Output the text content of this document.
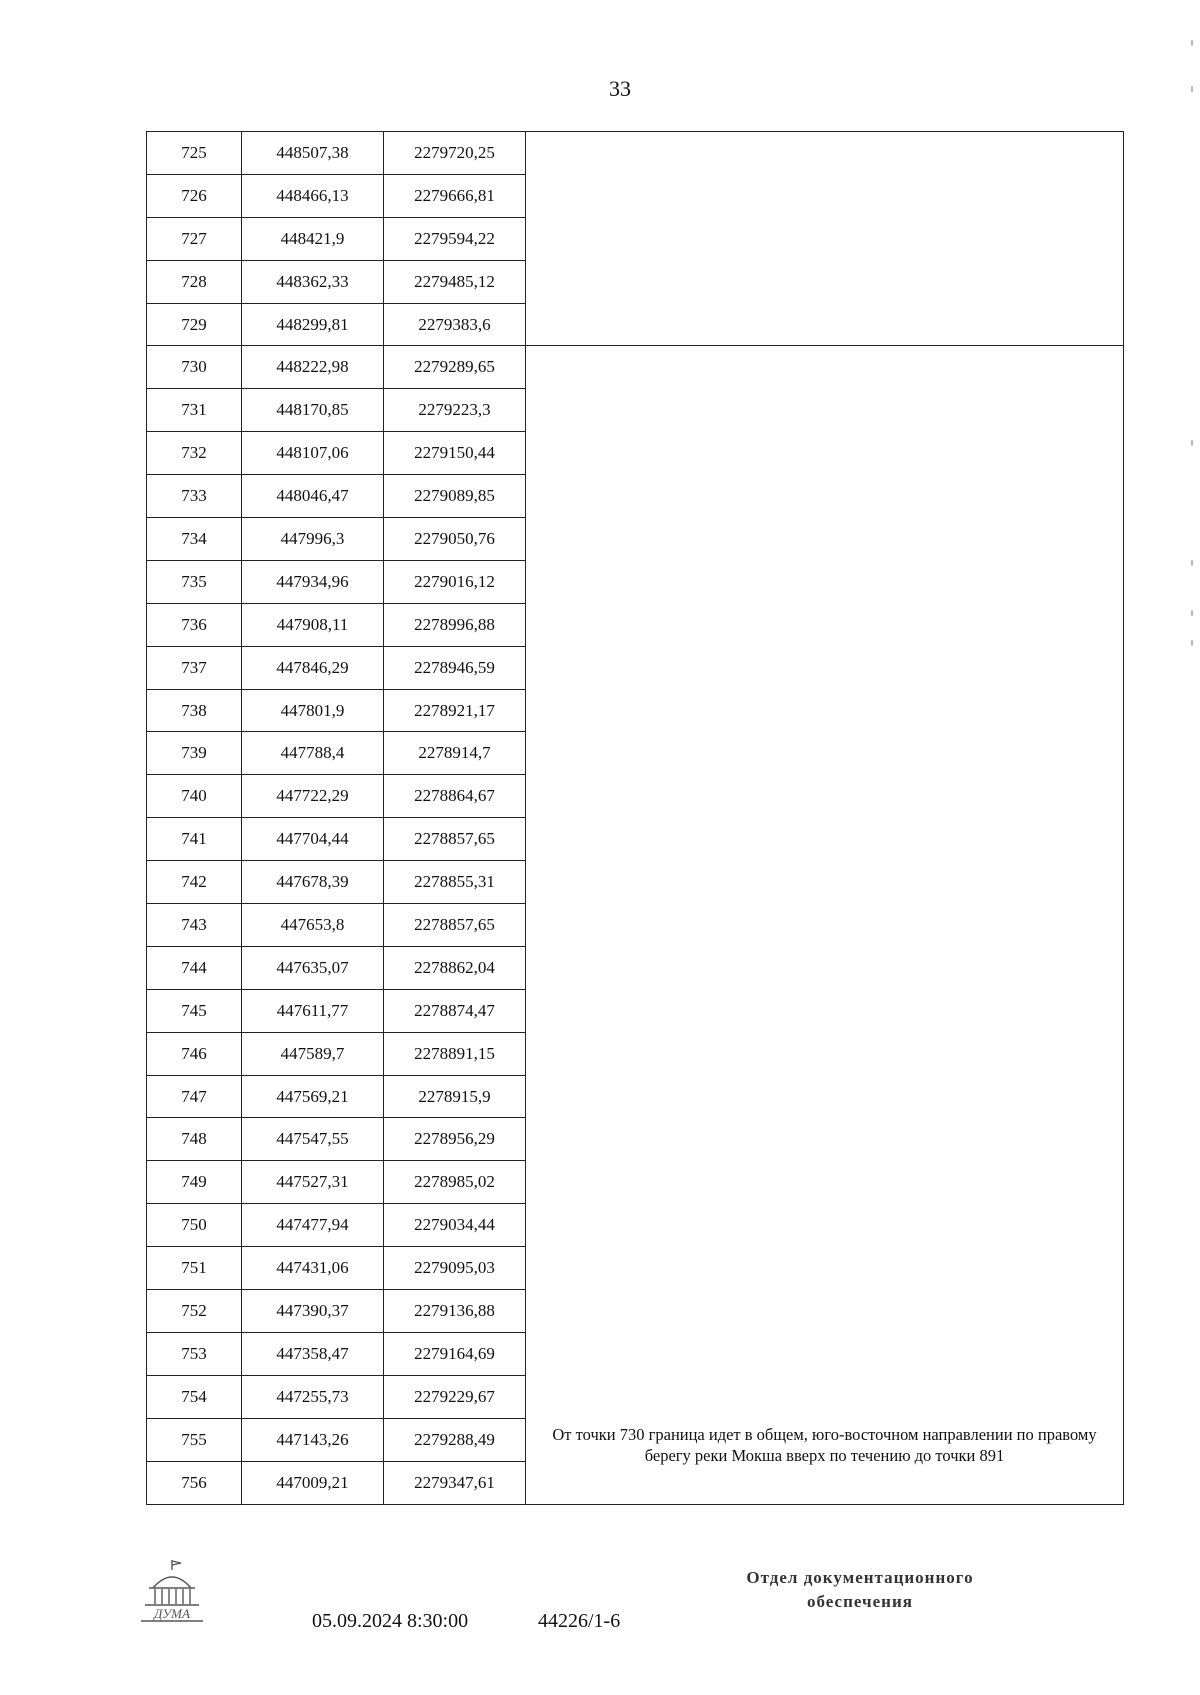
33
725	448507,38	2279720,25	
726	448466,13	2279666,81	
727	448421,9	2279594,22	
728	448362,33	2279485,12	
729	448299,81	2279383,6	
730	448222,98	2279289,65	От точки 730 граница идет в общем, юго-восточном направлении по правому берегу реки Мокша вверх по течению до точки 891
731	448170,85	2279223,3	
732	448107,06	2279150,44	
733	448046,47	2279089,85	
734	447996,3	2279050,76	
735	447934,96	2279016,12	
736	447908,11	2278996,88	
737	447846,29	2278946,59	
738	447801,9	2278921,17	
739	447788,4	2278914,7	
740	447722,29	2278864,67	
741	447704,44	2278857,65	
742	447678,39	2278855,31	
743	447653,8	2278857,65	
744	447635,07	2278862,04	
745	447611,77	2278874,47	
746	447589,7	2278891,15	
747	447569,21	2278915,9	
748	447547,55	2278956,29	
749	447527,31	2278985,02	
750	447477,94	2279034,44	
751	447431,06	2279095,03	
752	447390,37	2279136,88	
753	447358,47	2279164,69	
754	447255,73	2279229,67	
755	447143,26	2279288,49	
756	447009,21	2279347,61	
ДУМА	05.09.2024 8:30:00	44226/1-6
Отдел документационного
обеспечения
